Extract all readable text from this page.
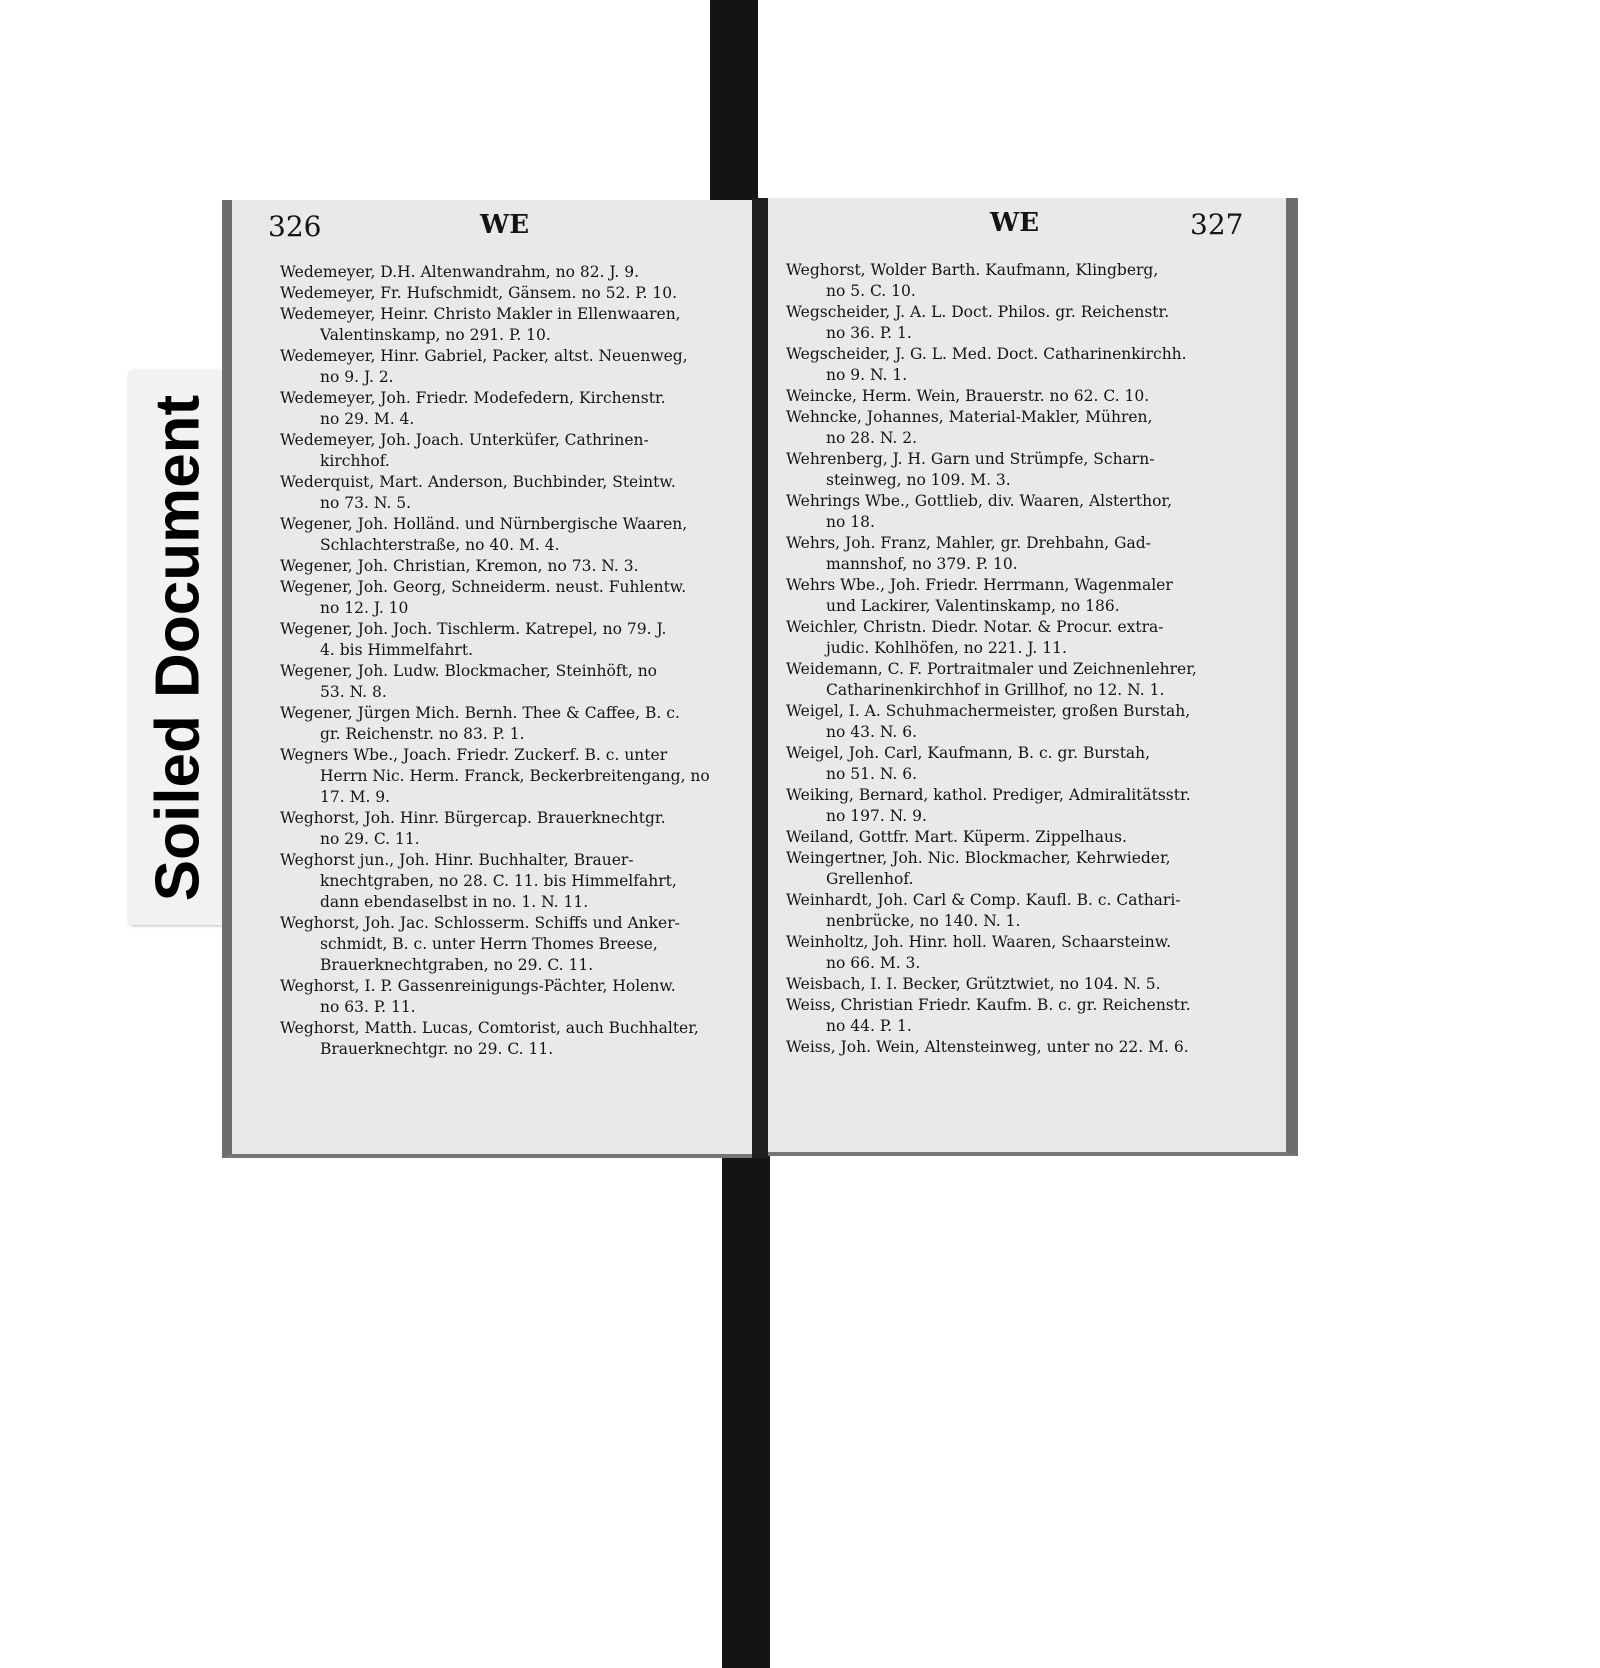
Soiled Document
326	WE
Wedemeyer, D.H. Altenwandrahm, no 82. J. 9.
Wedemeyer, Fr. Hufschmidt, Gänsem. no 52. P. 10.
Wedemeyer, Heinr. Christo Makler in Ellenwaaren,
Valentinskamp, no 291. P. 10.
Wedemeyer, Hinr. Gabriel, Packer, altst. Neuenweg,
no 9. J. 2.
Wedemeyer, Joh. Friedr. Modefedern, Kirchenstr.
no 29. M. 4.
Wedemeyer, Joh. Joach. Unterküfer, Cathrinen-
kirchhof.
Wederquist, Mart. Anderson, Buchbinder, Steintw.
no 73. N. 5.
Wegener, Joh. Holländ. und Nürnbergische Waaren,
Schlachterstraße, no 40. M. 4.
Wegener, Joh. Christian, Kremon, no 73. N. 3.
Wegener, Joh. Georg, Schneiderm. neust. Fuhlentw.
no 12. J. 10
Wegener, Joh. Joch. Tischlerm. Katrepel, no 79. J.
4. bis Himmelfahrt.
Wegener, Joh. Ludw. Blockmacher, Steinhöft, no
53. N. 8.
Wegener, Jürgen Mich. Bernh. Thee & Caffee, B. c.
gr. Reichenstr. no 83. P. 1.
Wegners Wbe., Joach. Friedr. Zuckerf. B. c. unter
Herrn Nic. Herm. Franck, Beckerbreitengang, no
17. M. 9.
Weghorst, Joh. Hinr. Bürgercap. Brauerknechtgr.
no 29. C. 11.
Weghorst jun., Joh. Hinr. Buchhalter, Brauer-
knechtgraben, no 28. C. 11. bis Himmelfahrt,
dann ebendaselbst in no. 1. N. 11.
Weghorst, Joh. Jac. Schlosserm. Schiffs und Anker-
schmidt, B. c. unter Herrn Thomes Breese,
Brauerknechtgraben, no 29. C. 11.
Weghorst, I. P. Gassenreinigungs-Pächter, Holenw.
no 63. P. 11.
Weghorst, Matth. Lucas, Comtorist, auch Buchhalter,
Brauerknechtgr. no 29. C. 11.
WE	327
Weghorst, Wolder Barth. Kaufmann, Klingberg,
no 5. C. 10.
Wegscheider, J. A. L. Doct. Philos. gr. Reichenstr.
no 36. P. 1.
Wegscheider, J. G. L. Med. Doct. Catharinenkirchh.
no 9. N. 1.
Weincke, Herm. Wein, Brauerstr. no 62. C. 10.
Wehncke, Johannes, Material-Makler, Mühren,
no 28. N. 2.
Wehrenberg, J. H. Garn und Strümpfe, Scharn-
steinweg, no 109. M. 3.
Wehrings Wbe., Gottlieb, div. Waaren, Alsterthor,
no 18.
Wehrs, Joh. Franz, Mahler, gr. Drehbahn, Gad-
mannshof, no 379. P. 10.
Wehrs Wbe., Joh. Friedr. Herrmann, Wagenmaler
und Lackirer, Valentinskamp, no 186.
Weichler, Christn. Diedr. Notar. & Procur. extra-
judic. Kohlhöfen, no 221. J. 11.
Weidemann, C. F. Portraitmaler und Zeichnenlehrer,
Catharinenkirchhof in Grillhof, no 12. N. 1.
Weigel, I. A. Schuhmachermeister, großen Burstah,
no 43. N. 6.
Weigel, Joh. Carl, Kaufmann, B. c. gr. Burstah,
no 51. N. 6.
Weiking, Bernard, kathol. Prediger, Admiralitätsstr.
no 197. N. 9.
Weiland, Gottfr. Mart. Küperm. Zippelhaus.
Weingertner, Joh. Nic. Blockmacher, Kehrwieder,
Grellenhof.
Weinhardt, Joh. Carl & Comp. Kaufl. B. c. Cathari-
nenbrücke, no 140. N. 1.
Weinholtz, Joh. Hinr. holl. Waaren, Schaarsteinw.
no 66. M. 3.
Weisbach, I. I. Becker, Grütztwiet, no 104. N. 5.
Weiss, Christian Friedr. Kaufm. B. c. gr. Reichenstr.
no 44. P. 1.
Weiss, Joh. Wein, Altensteinweg, unter no 22. M. 6.
